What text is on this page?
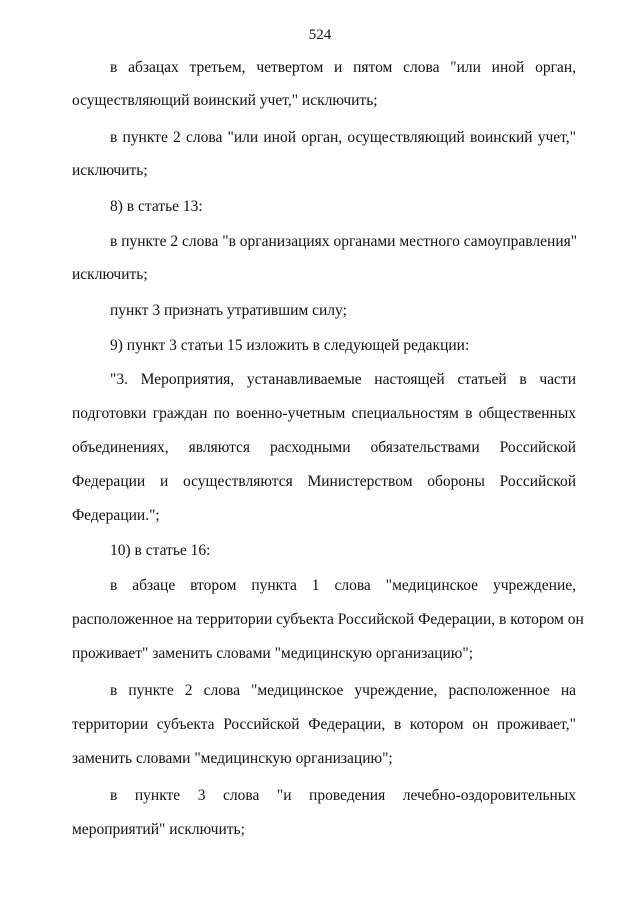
524
в абзацах третьем, четвертом и пятом слова "или иной орган,
осуществляющий воинский учет," исключить;
в пункте 2 слова "или иной орган, осуществляющий воинский учет,"
исключить;
8) в статье 13:
в пункте 2 слова "в организациях органами местного самоуправления"
исключить;
пункт 3 признать утратившим силу;
9) пункт 3 статьи 15 изложить в следующей редакции:
"3. Мероприятия, устанавливаемые настоящей статьей в части
подготовки граждан по военно-учетным специальностям в общественных
объединениях, являются расходными обязательствами Российской
Федерации и осуществляются Министерством обороны Российской
Федерации.";
10) в статье 16:
в абзаце втором пункта 1 слова "медицинское учреждение,
расположенное на территории субъекта Российской Федерации, в котором он
проживает" заменить словами "медицинскую организацию";
в пункте 2 слова "медицинское учреждение, расположенное на
территории субъекта Российской Федерации, в котором он проживает,"
заменить словами "медицинскую организацию";
в пункте 3 слова "и проведения лечебно-оздоровительных
мероприятий" исключить;
